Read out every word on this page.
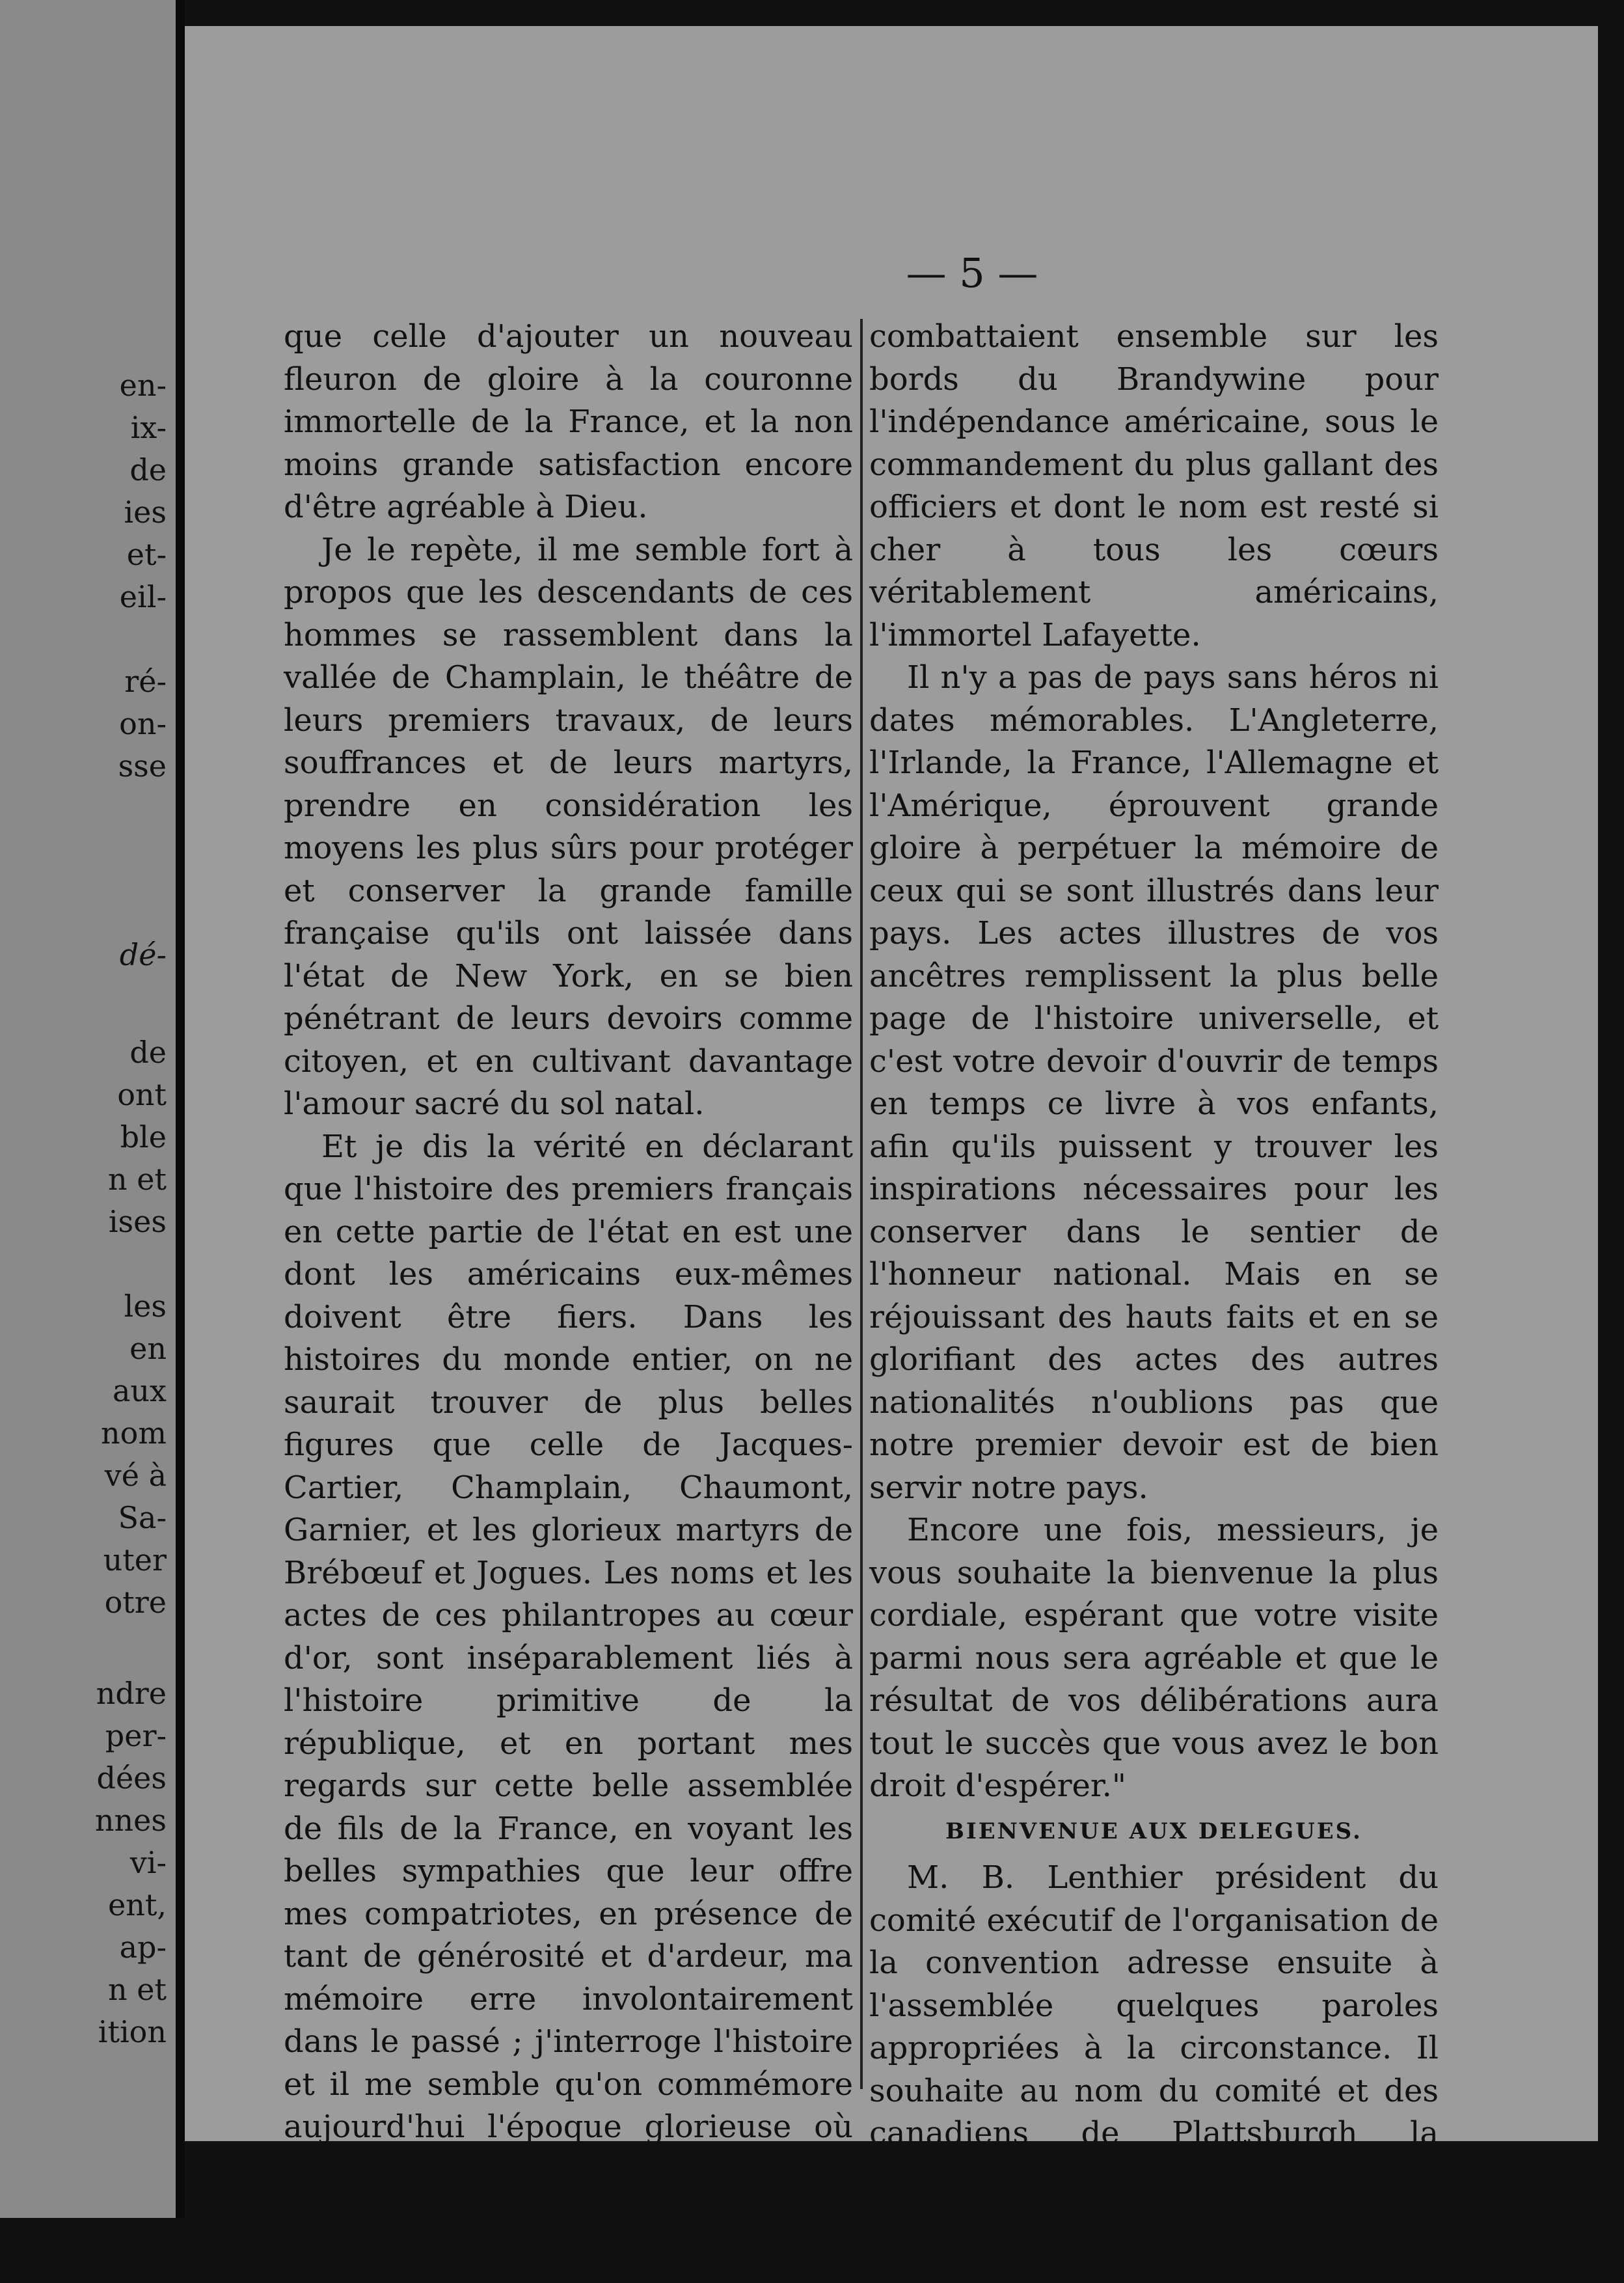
en-

ix-

de

ies

et-

eil-

ré-

on-

sse

dé-

de

ont

ble

n et

ises

les

en

aux

nom

vé à

Sa-

uter

otre

ndre

per-

dées

nnes

vi-

ent,

ap-

n et

ition

— 5 —

que celle d'ajouter un nouveau fleuron de gloire à la couronne immortelle de la France, et la non moins grande satisfaction encore d'être agréable à Dieu.

Je le repète, il me semble fort à propos que les descendants de ces hommes se rassemblent dans la vallée de Champlain, le théâtre de leurs premiers travaux, de leurs souffrances et de leurs martyrs, prendre en considération les moyens les plus sûrs pour protéger et conserver la grande famille française qu'ils ont laissée dans l'état de New York, en se bien pénétrant de leurs devoirs comme citoyen, et en cultivant davantage l'amour sacré du sol natal.

Et je dis la vérité en déclarant que l'histoire des premiers français en cette partie de l'état en est une dont les américains eux-mêmes doivent être fiers. Dans les histoires du monde entier, on ne saurait trouver de plus belles figures que celle de Jacques-Cartier, Champlain, Chaumont, Garnier, et les glorieux martyrs de Brébœuf et Jogues. Les noms et les actes de ces philantropes au cœur d'or, sont inséparablement liés à l'histoire primitive de la république, et en portant mes regards sur cette belle assemblée de fils de la France, en voyant les belles sympathies que leur offre mes compatriotes, en présence de tant de générosité et d'ardeur, ma mémoire erre involontairement dans le passé ; j'interroge l'histoire et il me semble qu'on commémore aujourd'hui l'époque glorieuse où les américains, les irlandais et les français

combattaient ensemble sur les bords du Brandywine pour l'indépendance américaine, sous le commandement du plus gallant des officiers et dont le nom est resté si cher à tous les cœurs véritablement américains, l'immortel Lafayette.

Il n'y a pas de pays sans héros ni dates mémorables. L'Angleterre, l'Irlande, la France, l'Allemagne et l'Amérique, éprouvent grande gloire à perpétuer la mémoire de ceux qui se sont illustrés dans leur pays. Les actes illustres de vos ancêtres remplissent la plus belle page de l'histoire universelle, et c'est votre devoir d'ouvrir de temps en temps ce livre à vos enfants, afin qu'ils puissent y trouver les inspirations nécessaires pour les conserver dans le sentier de l'honneur national. Mais en se réjouissant des hauts faits et en se glorifiant des actes des autres nationalités n'oublions pas que notre premier devoir est de bien servir notre pays.

Encore une fois, messieurs, je vous souhaite la bienvenue la plus cordiale, espérant que votre visite parmi nous sera agréable et que le résultat de vos délibérations aura tout le succès que vous avez le bon droit d'espérer."

BIENVENUE AUX DELEGUES.

M. B. Lenthier président du comité exécutif de l'organisation de la convention adresse ensuite à l'assemblée quelques paroles appropriées à la circonstance. Il souhaite au nom du comité et des canadiens de Plattsburgh la bienvenue aux délégués et les remercie du patriotisme dont ils ont
